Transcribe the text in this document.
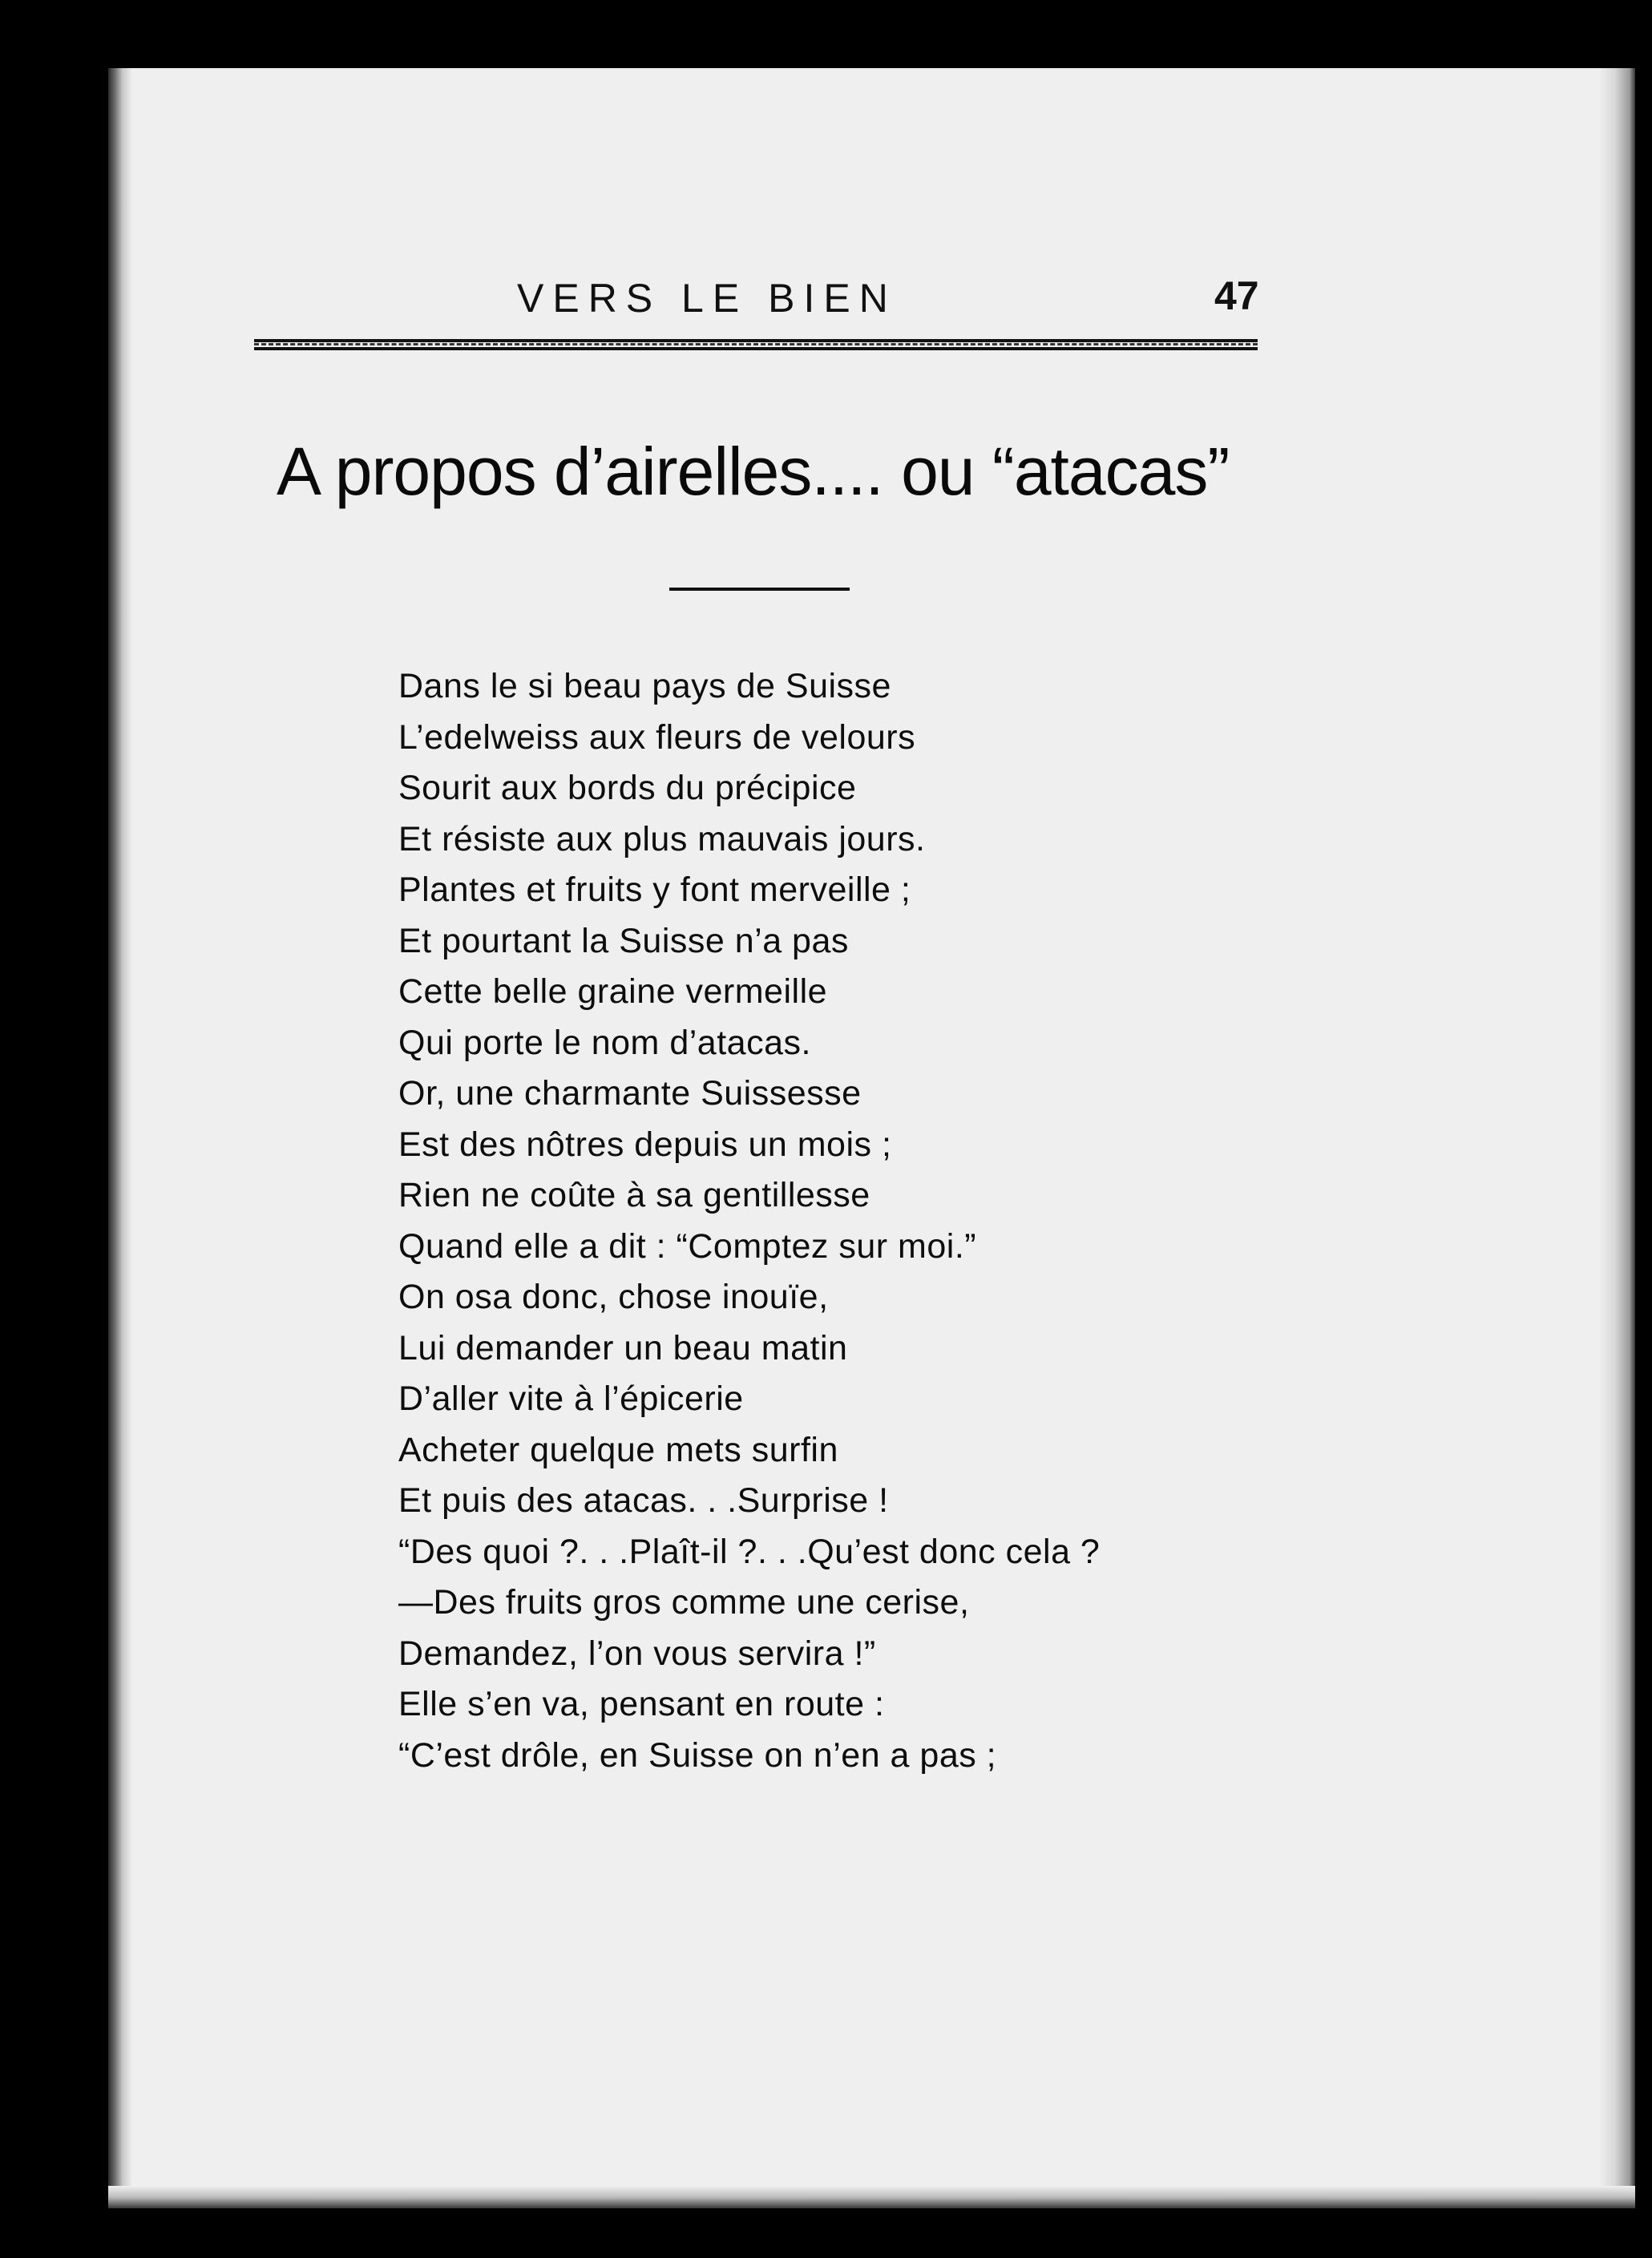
VERS LE BIEN	47
A propos d’airelles.... ou “atacas”
Dans le si beau pays de Suisse
L’edelweiss aux fleurs de velours
Sourit aux bords du précipice
Et résiste aux plus mauvais jours.
Plantes et fruits y font merveille ;
Et pourtant la Suisse n’a pas
Cette belle graine vermeille
Qui porte le nom d’atacas.
Or, une charmante Suissesse
Est des nôtres depuis un mois ;
Rien ne coûte à sa gentillesse
Quand elle a dit : “Comptez sur moi.”
On osa donc, chose inouïe,
Lui demander un beau matin
D’aller vite à l’épicerie
Acheter quelque mets surfin
Et puis des atacas. . .Surprise !
“Des quoi ?. . .Plaît-il ?. . .Qu’est donc cela ?
—Des fruits gros comme une cerise,
Demandez, l’on vous servira !”
Elle s’en va, pensant en route :
“C’est drôle, en Suisse on n’en a pas ;
